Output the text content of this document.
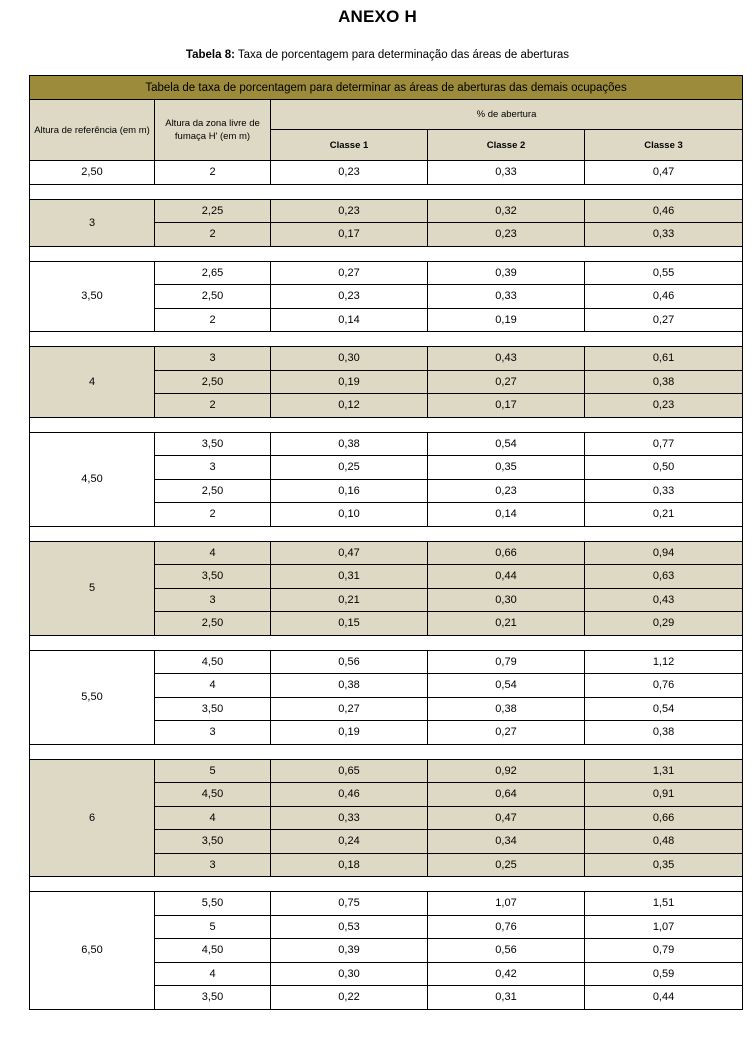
ANEXO H
Tabela 8: Taxa de porcentagem para determinação das áreas de aberturas
Tabela de taxa de porcentagem para determinar as áreas de aberturas das demais ocupações				
Altura de referência (em m)	Altura da zona livre de fumaça H' (em m)	% de abertura		
		Classe 1	Classe 2	Classe 3
2,50	2	0,23	0,33	0,47

3	2,25	0,23	0,32	0,46
	2	0,17	0,23	0,33

3,50	2,65	0,27	0,39	0,55
	2,50	0,23	0,33	0,46
	2	0,14	0,19	0,27

4	3	0,30	0,43	0,61
	2,50	0,19	0,27	0,38
	2	0,12	0,17	0,23

4,50	3,50	0,38	0,54	0,77
	3	0,25	0,35	0,50
	2,50	0,16	0,23	0,33
	2	0,10	0,14	0,21

5	4	0,47	0,66	0,94
	3,50	0,31	0,44	0,63
	3	0,21	0,30	0,43
	2,50	0,15	0,21	0,29

5,50	4,50	0,56	0,79	1,12
	4	0,38	0,54	0,76
	3,50	0,27	0,38	0,54
	3	0,19	0,27	0,38

6	5	0,65	0,92	1,31
	4,50	0,46	0,64	0,91
	4	0,33	0,47	0,66
	3,50	0,24	0,34	0,48
	3	0,18	0,25	0,35

6,50	5,50	0,75	1,07	1,51
	5	0,53	0,76	1,07
	4,50	0,39	0,56	0,79
	4	0,30	0,42	0,59
	3,50	0,22	0,31	0,44
